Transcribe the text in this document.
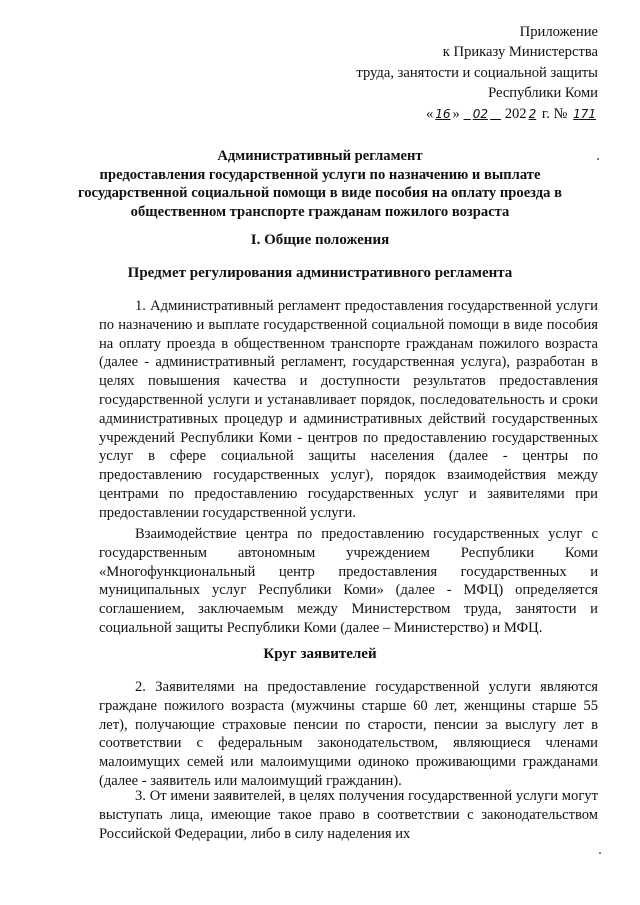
Приложение
к Приказу Министерства
труда, занятости и социальной защиты
Республики Коми
« 16 » 02 202 2 г. № 171
Административный регламент
предоставления государственной услуги по назначению и выплате
государственной социальной помощи в виде пособия на оплату проезда в
общественном транспорте гражданам пожилого возраста
I. Общие положения
Предмет регулирования административного регламента

1. Административный регламент предоставления государственной услуги по назначению и выплате государственной социальной помощи в виде пособия на оплату проезда в общественном транспорте гражданам пожилого возраста (далее - административный регламент, государственная услуга), разработан в целях повышения качества и доступности результатов предоставления государственной услуги и устанавливает порядок, последовательность и сроки административных процедур и административных действий государственных учреждений Республики Коми - центров по предоставлению государственных услуг в сфере социальной защиты населения (далее - центры по предоставлению государственных услуг), порядок взаимодействия между центрами по предоставлению государственных услуг и заявителями при предоставлении государственной услуги.

Взаимодействие центра по предоставлению государственных услуг с государственным автономным учреждением Республики Коми «Многофункциональный центр предоставления государственных и муниципальных услуг Республики Коми» (далее - МФЦ) определяется соглашением, заключаемым между Министерством труда, занятости и социальной защиты Республики Коми (далее – Министерство) и МФЦ.

Круг заявителей

2. Заявителями на предоставление государственной услуги являются граждане пожилого возраста (мужчины старше 60 лет, женщины старше 55 лет), получающие страховые пенсии по старости, пенсии за выслугу лет в соответствии с федеральным законодательством, являющиеся членами малоимущих семей или малоимущими одиноко проживающими гражданами (далее - заявитель или малоимущий гражданин).

3. От имени заявителей, в целях получения государственной услуги могут выступать лица, имеющие такое право в соответствии с законодательством Российской Федерации, либо в силу наделения их
